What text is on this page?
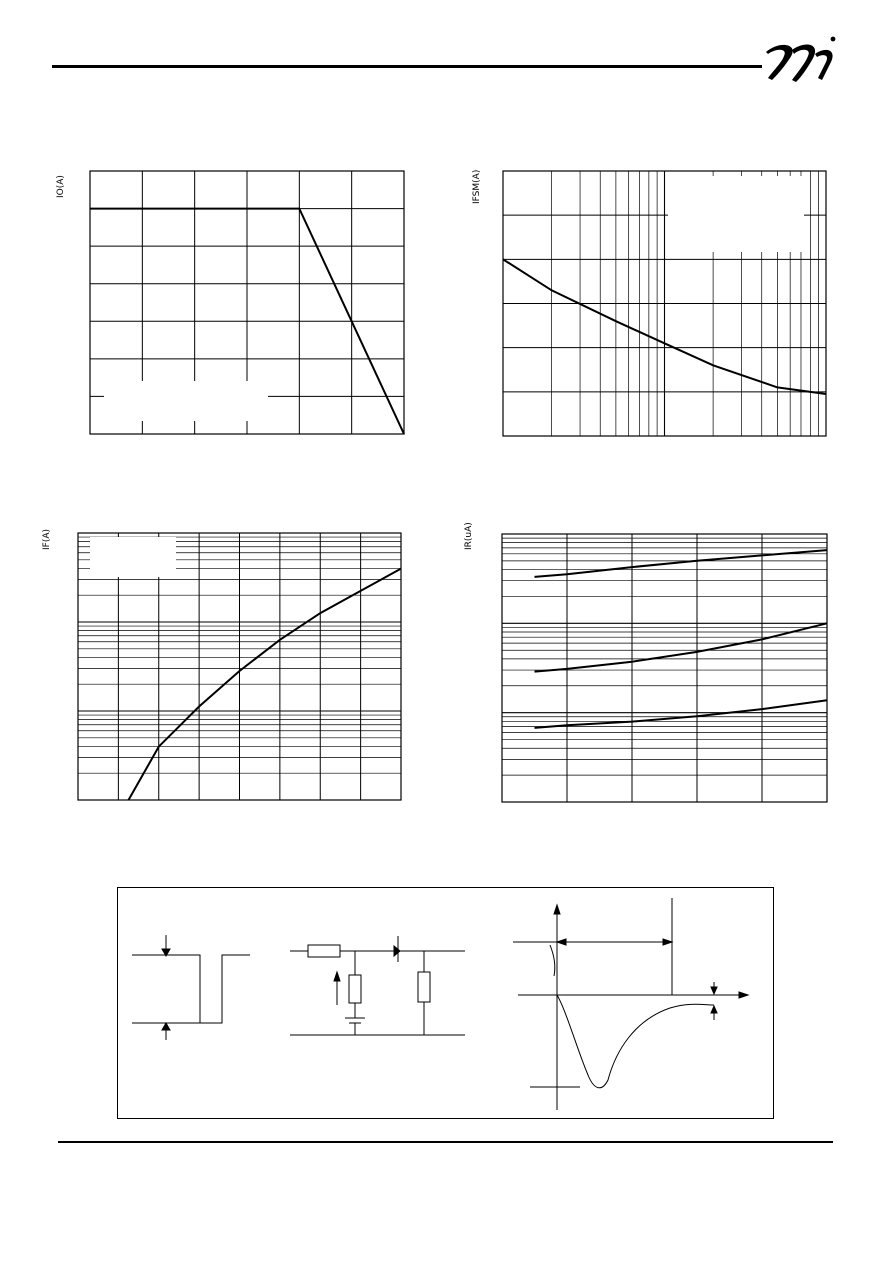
IO(A)	IFSM(A)
IF(A)	IR(uA)
